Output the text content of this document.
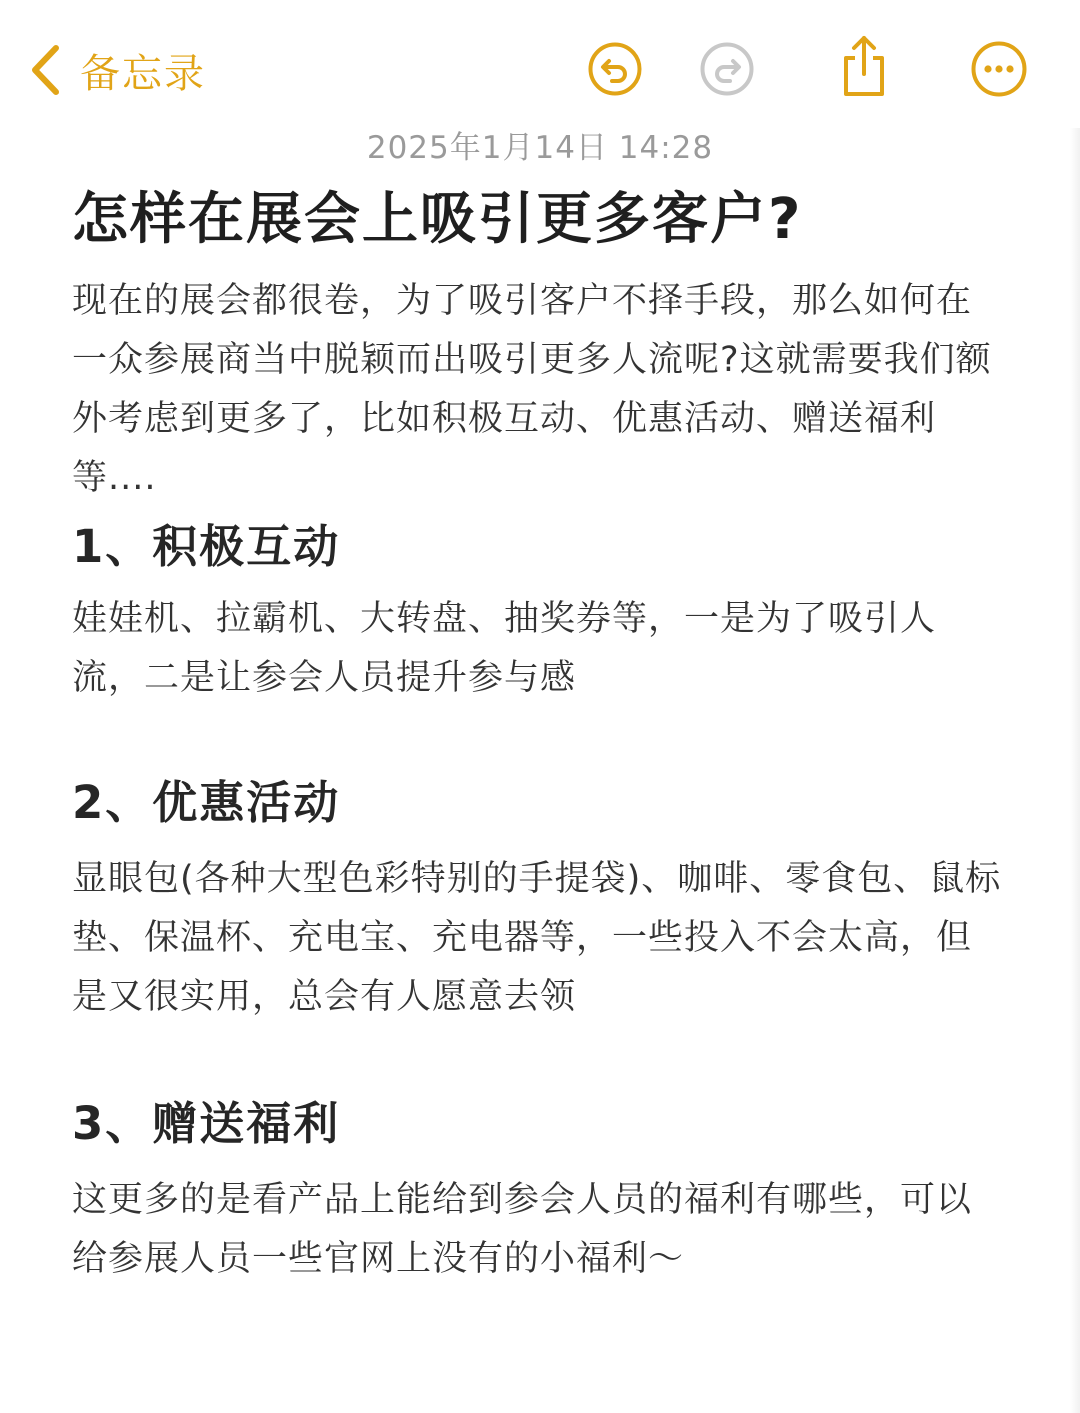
备忘录
2025年1月14日 14:28
怎样在展会上吸引更多客户?

现在的展会都很卷，为了吸引客户不择手段，那么如何在一众参展商当中脱颖而出吸引更多人流呢?这就需要我们额外考虑到更多了，比如积极互动、优惠活动、赠送福利等....

1、积极互动

娃娃机、拉霸机、大转盘、抽奖券等，一是为了吸引人流，二是让参会人员提升参与感

2、优惠活动

显眼包(各种大型色彩特别的手提袋)、咖啡、零食包、鼠标垫、保温杯、充电宝、充电器等，一些投入不会太高，但是又很实用，总会有人愿意去领

3、赠送福利

这更多的是看产品上能给到参会人员的福利有哪些，可以给参展人员一些官网上没有的小福利～
